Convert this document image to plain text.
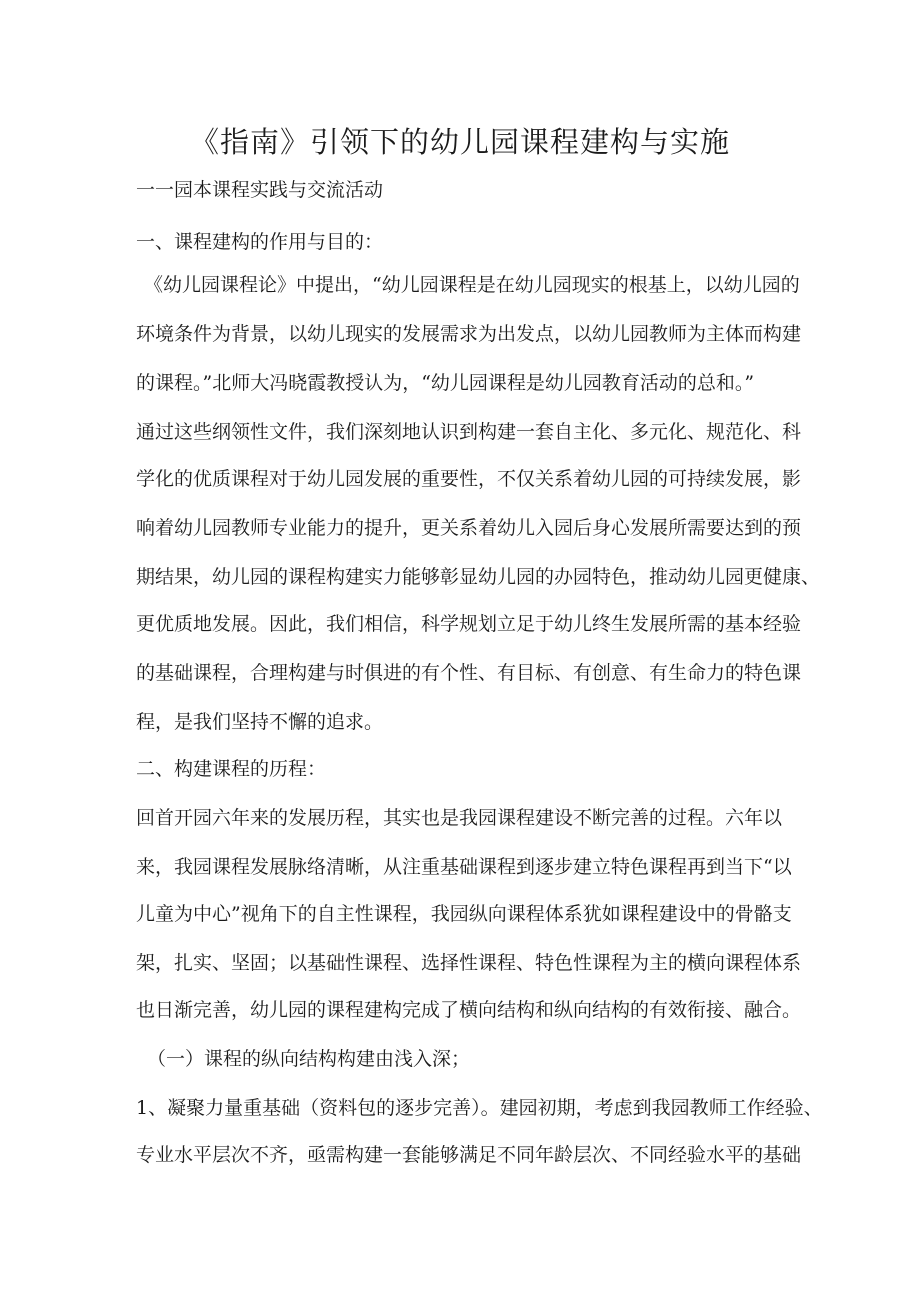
《指南》引领下的幼儿园课程建构与实施
一一园本课程实践与交流活动
一、课程建构的作用与目的：
《幼儿园课程论》中提出，“幼儿园课程是在幼儿园现实的根基上，以幼儿园的
环境条件为背景，以幼儿现实的发展需求为出发点，以幼儿园教师为主体而构建
的课程。”北师大冯晓霞教授认为，“幼儿园课程是幼儿园教育活动的总和。”
通过这些纲领性文件，我们深刻地认识到构建一套自主化、多元化、规范化、科
学化的优质课程对于幼儿园发展的重要性，不仅关系着幼儿园的可持续发展，影
响着幼儿园教师专业能力的提升，更关系着幼儿入园后身心发展所需要达到的预
期结果，幼儿园的课程构建实力能够彰显幼儿园的办园特色，推动幼儿园更健康、
更优质地发展。因此，我们相信，科学规划立足于幼儿终生发展所需的基本经验
的基础课程，合理构建与时俱进的有个性、有目标、有创意、有生命力的特色课
程，是我们坚持不懈的追求。
二、构建课程的历程：
回首开园六年来的发展历程，其实也是我园课程建设不断完善的过程。六年以
来，我园课程发展脉络清晰，从注重基础课程到逐步建立特色课程再到当下“以
儿童为中心”视角下的自主性课程，我园纵向课程体系犹如课程建设中的骨骼支
架，扎实、坚固；以基础性课程、选择性课程、特色性课程为主的横向课程体系
也日渐完善，幼儿园的课程建构完成了横向结构和纵向结构的有效衔接、融合。
（一）课程的纵向结构构建由浅入深；
1、凝聚力量重基础（资料包的逐步完善）。建园初期，考虑到我园教师工作经验、
专业水平层次不齐，亟需构建一套能够满足不同年龄层次、不同经验水平的基础
